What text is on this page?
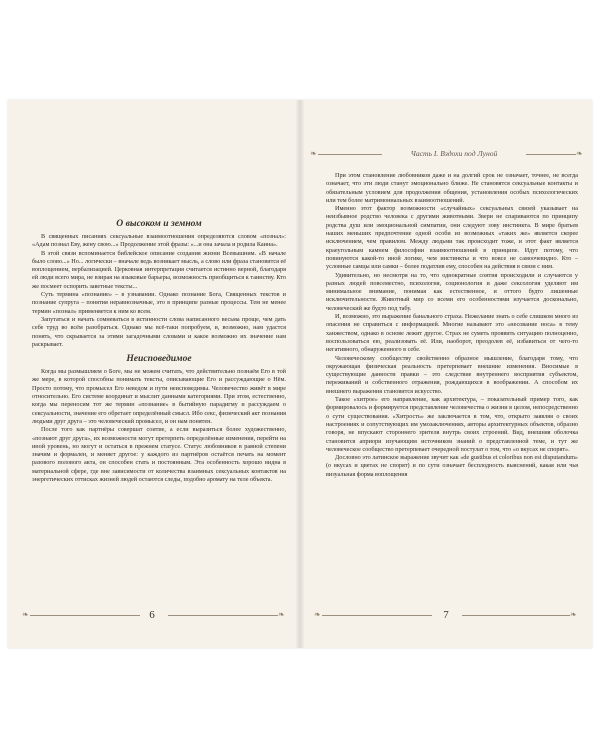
О высоком и земном

В священных писаниях сексуальные взаимоотношения определяются словом «познал»: «Адам познал Еву, жену свою...» Продолжение этой фразы: «...и она зачала и родила Каина».

В этой связи вспоминается библейское описание создания жизни Всевышним. «В начале было слово...» Но... логически – вначале ведь возникает мысль, а слово или фраза становится её воплощением, вербализацией. Церковная интерпретация считается истинно верной, благодаря ей люди всего мира, не взирая на языковые барьеры, возможность приобщиться к таинству. Кто же посмеет оспорить заветные тексты...

Суть термина «познание» – в узнавании. Однако познание Бога, Священных текстов и познание супруга – понятия неравнозначные, это в принципе разные процессы. Тем не менее термин «познал» применяется к ним ко всем.

Запутаться и начать сомневаться в истинности слова написанного весьма проще, чем дать себе труд во всём разобраться. Однако мы всё-таки попробуем, и, возможно, нам удастся понять, что скрывается за этими загадочными словами и какое возможно их значение нам раскрывает.

Неисповедимое

Когда мы размышляем о Боге, мы не можем считать, что действительно познаём Его в той же мере, в которой способны понимать тексты, описывающие Его и рассуждающие о Нём. Просто потому, что промысел Его неведом и пути неисповедимы. Человечество живёт в мире относительно. Его системе координат и мыслит данными категориями. При этом, естественно, когда мы переносим тот же термин «познание» в бытийную парадигму и рассуждаем о сексуальности, значение его обретает определённый смысл. Ибо секс, физический акт познания людьми друг друга – это человеческий промысел, и он нам понятен.

После того как партнёры совершат соитие, а если выразиться более художественно, «познают друг друга», их возможности могут претерпеть определённые изменения, перейти на иной уровень, но могут и остаться в прежнем статусе. Статус любовников в равной степени значим и формален, и меняет другое: у каждого из партнёров остаётся печать на момент разового полового акта, он способен стать и постоянным. Эта особенность хорошо видна в материальной сфере, где вне зависимости от количества взаимных сексуальных контактов на энергетических оттисках жизней людей остаются следы, подобно аромату на теле объекта.

❧	6	❧
❧	Часть I. Вздохи под Луной	❧

При этом становление любовников даже и на долгий срок не означает, точнее, не всегда означает, что эти люди станут эмоционально ближе. Не становятся сексуальные контакты и обязательным условием для продолжения общения, установления особых психологических или тем более матримониальных взаимоотношений.

Именно этот фактор возможности «случайных» сексуальных связей указывает на неизбывное родство человека с другими животными. Звери не спариваются по принципу родства душ или эмоциональной симпатии, они следуют зову инстинкта. В мире братьев наших меньших предпочтение одной особи из возможных «таких же» является скорее исключением, чем правилом. Между людьми так происходит тоже, и этот факт является краеугольным камнем философии взаимоотношений в принципе. Идут потому, что повинуются какой-то иной логике, чем инстинкты и что вовсе не самоочевидно. Кто – условные самцы или самки – более податлив ему, способен на действия в связи с ним.

Удивительно, но несмотря на то, что однократные соития происходили и случаются у разных людей повсеместно, психология, соционология и даже сексология уделяют им минимальное внимание, понимая как естественное, и оттого будто лишенные исключительности. Животный мир со всеми его особенностями изучается досконально, человеческий же будто под табу.

И, возможно, это выражение банального страха. Нежелание знать о себе слишком много из опасения не справиться с информацией. Многие называют это «несование носа» в тему ханжеством, однако в основе лежит другое. Страх не суметь проявить ситуацию полноценно, воспользоваться ею, реализовать её. Или, наоборот, преодолев её, избавиться от чего-то негативного, обнаруженного в себе.

Человеческому сообществу свойственно образное мышление, благодаря тому, что окружающая физическая реальность претерпевает внешние изменения. Вносимые в существующие данности правки – это следствие внутреннего восприятия субъектом, переживаний и собственного отражения, рождающихся в воображении. А способом их внешнего выражения становится искусство.

Такое «хитрое» его направление, как архитектура, – показательный пример того, как формировалось и формируется представление человечества о жизни в целом, непосредственно о сути существования. «Хитрость» же заключается в том, что, открыто заявляя о своих настроениях и сопутствующих им умозаключениях, авторы архитектурных объектов, образно говоря, не впускают стороннего зрителя внутрь своих строений. Вид, внешняя оболочка становится априори изучающим источником знаний о представленной теме, и тут же человеческое сообщество претерпевает очередной постулат о том, что «о вкусах не спорят».

Дословно это латинское выражение звучит как «de gustibus et coloribus non est disputandum» (о вкусах и цветах не спорят) и по сути означает бесплодность выяснений, какая или чья визуальная форма воплощения

❧	7	❧
